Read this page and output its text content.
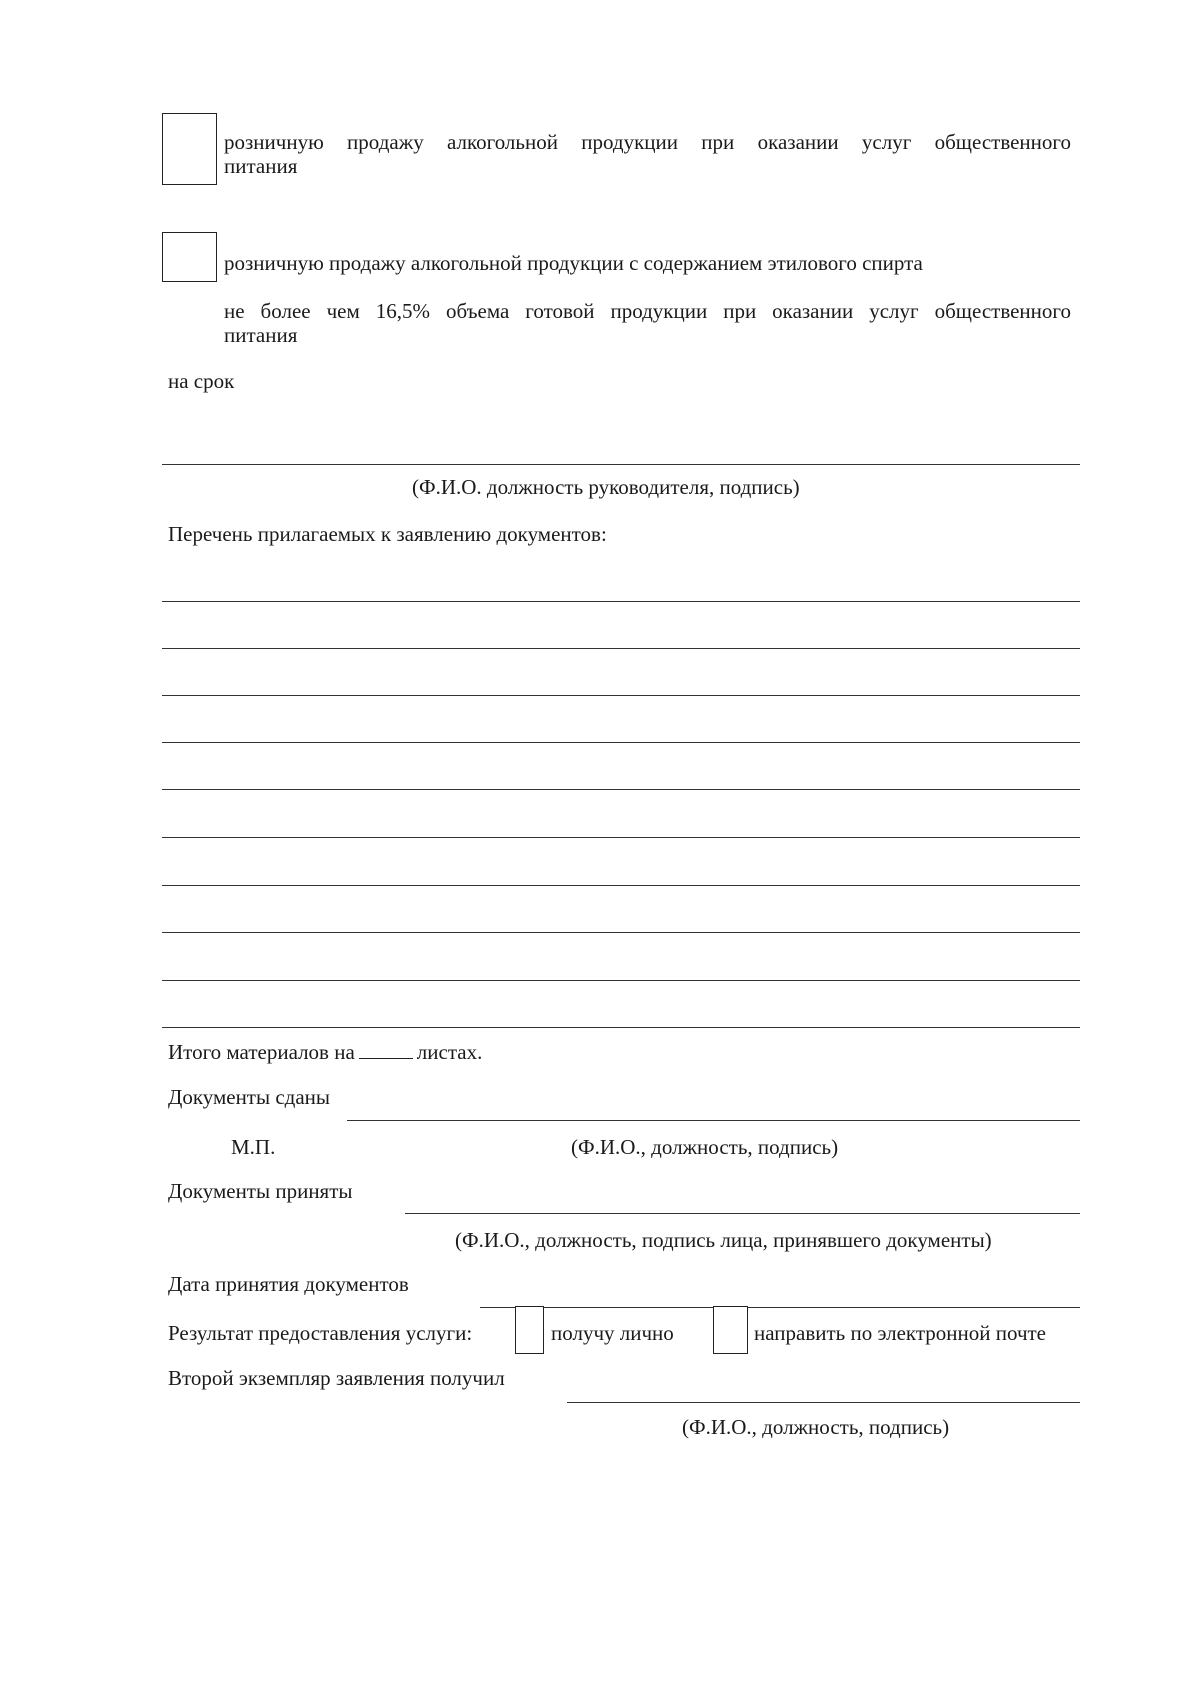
розничную продажу алкогольной продукции при оказании услуг общественного
питания
розничную продажу алкогольной продукции с содержанием этилового спирта
не более чем 16,5% объема готовой продукции при оказании услуг общественного
питания
на срок
(Ф.И.О. должность руководителя, подпись)
Перечень прилагаемых к заявлению документов:
Итого материалов на	листах.
Документы сданы
М.П.	(Ф.И.О., должность, подпись)
Документы приняты
(Ф.И.О., должность, подпись лица, принявшего документы)
Дата принятия документов
Результат предоставления услуги:	получу лично	направить по электронной почте
Второй экземпляр заявления получил
(Ф.И.О., должность, подпись)
